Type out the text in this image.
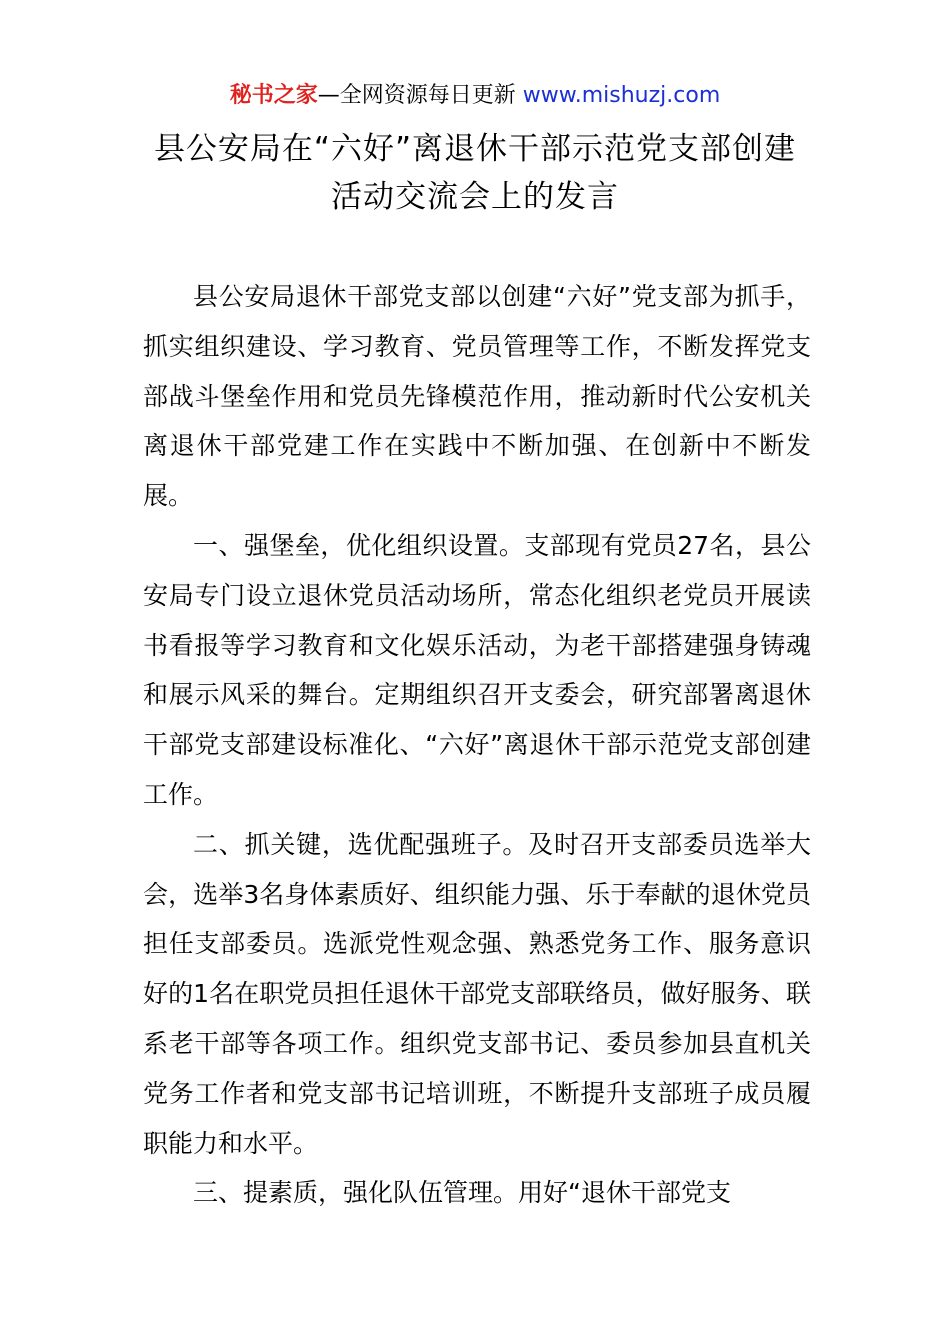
秘书之家—全网资源每日更新 www.mishuzj.com
县公安局在“六好”离退休干部示范党支部创建活动交流会上的发言

县公安局退休干部党支部以创建“六好”党支部为抓手，抓实组织建设、学习教育、党员管理等工作，不断发挥党支部战斗堡垒作用和党员先锋模范作用，推动新时代公安机关离退休干部党建工作在实践中不断加强、在创新中不断发展。

一、强堡垒，优化组织设置。支部现有党员27名，县公安局专门设立退休党员活动场所，常态化组织老党员开展读书看报等学习教育和文化娱乐活动，为老干部搭建强身铸魂和展示风采的舞台。定期组织召开支委会，研究部署离退休干部党支部建设标准化、“六好”离退休干部示范党支部创建工作。

二、抓关键，选优配强班子。及时召开支部委员选举大会，选举3名身体素质好、组织能力强、乐于奉献的退休党员担任支部委员。选派党性观念强、熟悉党务工作、服务意识好的1名在职党员担任退休干部党支部联络员，做好服务、联系老干部等各项工作。组织党支部书记、委员参加县直机关党务工作者和党支部书记培训班，不断提升支部班子成员履职能力和水平。

三、提素质，强化队伍管理。用好“退休干部党支
